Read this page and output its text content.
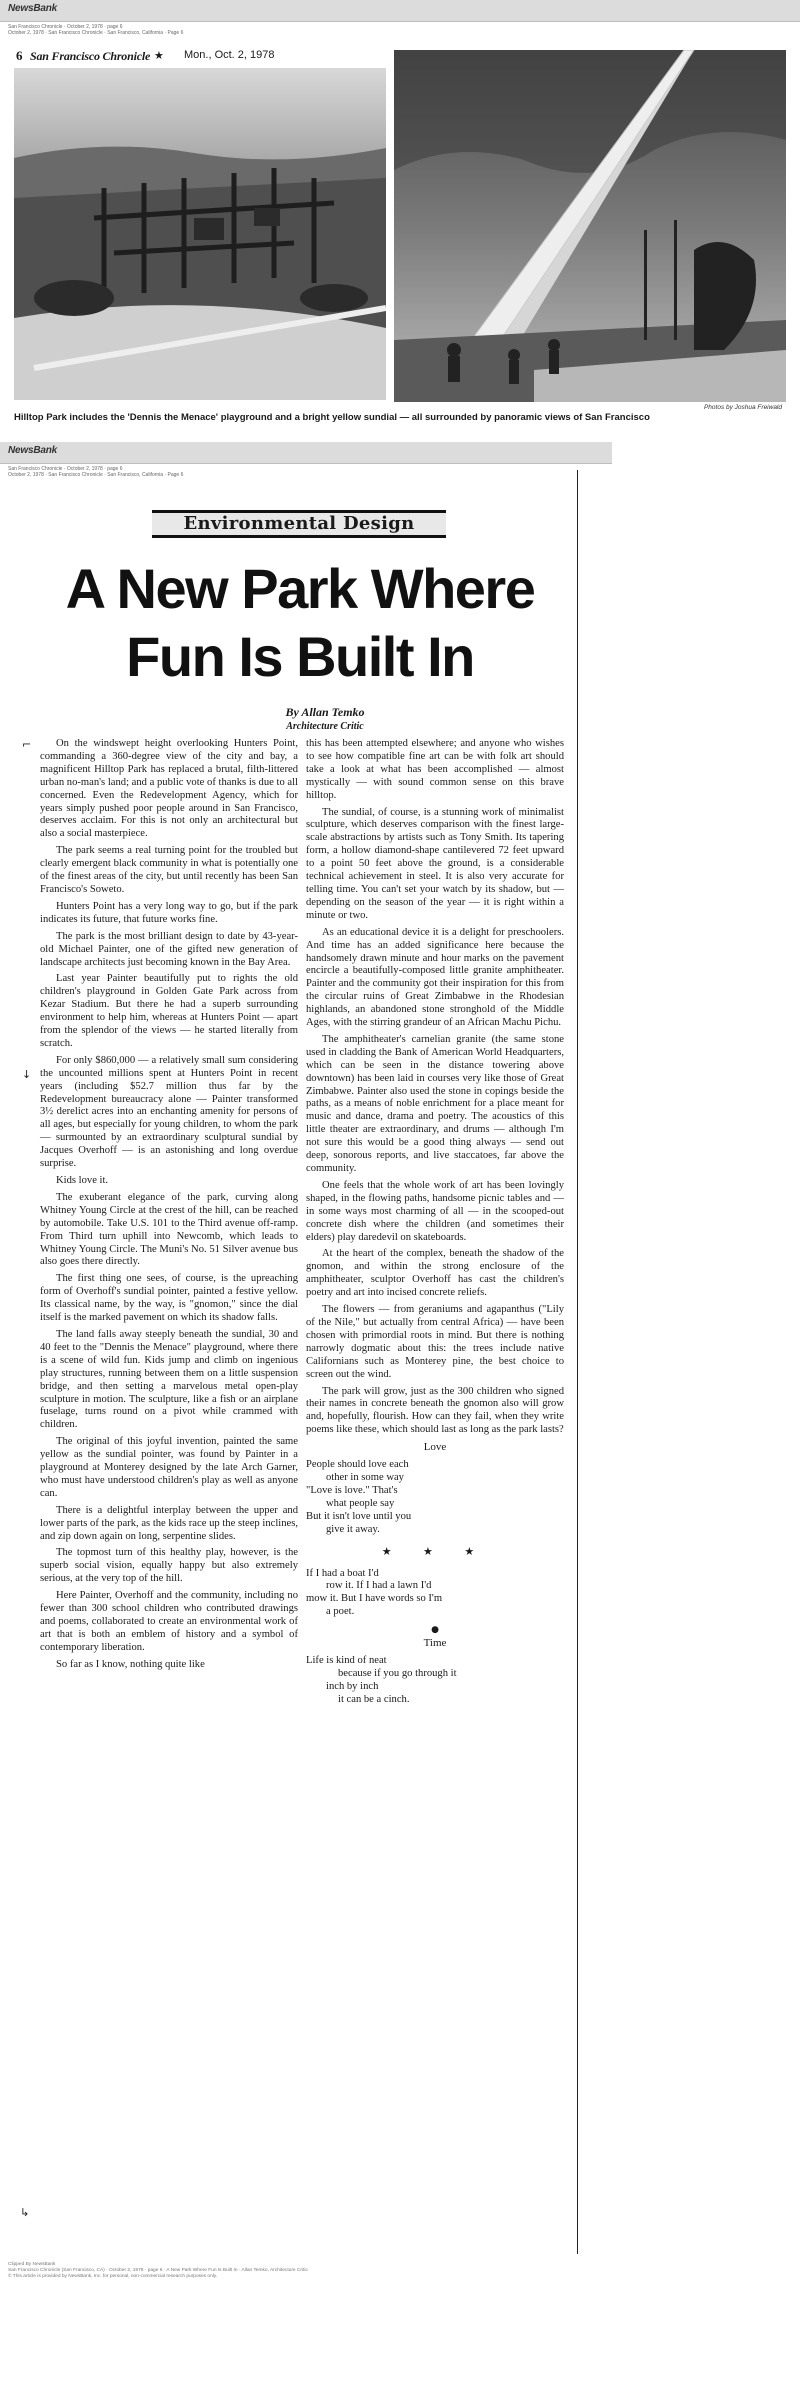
NewsBank
San Francisco Chronicle · October 2, 1978 · page 6
October 2, 1978 · San Francisco Chronicle · San Francisco, California · Page 6
6 San Francisco Chronicle ★ Mon., Oct. 2, 1978
Photos by Joshua Freiwald
Hilltop Park includes the 'Dennis the Menace' playground and a bright yellow sundial — all surrounded by panoramic views of San Francisco
NewsBank
San Francisco Chronicle · October 2, 1978 · page 6
October 2, 1978 · San Francisco Chronicle · San Francisco, California · Page 6
Environmental Design
A New Park Where Fun Is Built In
By Allan Temko
Architecture Critic
⌐
↓
↳

On the windswept height overlooking Hunters Point, commanding a 360-degree view of the city and bay, a magnificent Hilltop Park has replaced a brutal, filth-littered urban no-man's land; and a public vote of thanks is due to all concerned. Even the Redevelopment Agency, which for years simply pushed poor people around in San Francisco, deserves acclaim. For this is not only an architectural but also a social masterpiece.

The park seems a real turning point for the troubled but clearly emergent black community in what is potentially one of the finest areas of the city, but until recently has been San Francisco's Soweto.

Hunters Point has a very long way to go, but if the park indicates its future, that future works fine.

The park is the most brilliant design to date by 43-year-old Michael Painter, one of the gifted new generation of landscape architects just becoming known in the Bay Area.

Last year Painter beautifully put to rights the old children's playground in Golden Gate Park across from Kezar Stadium. But there he had a superb surrounding environment to help him, whereas at Hunters Point — apart from the splendor of the views — he started literally from scratch.

For only $860,000 — a relatively small sum considering the uncounted millions spent at Hunters Point in recent years (including $52.7 million thus far by the Redevelopment bureaucracy alone — Painter transformed 3½ derelict acres into an enchanting amenity for persons of all ages, but especially for young children, to whom the park — surmounted by an extraordinary sculptural sundial by Jacques Overhoff — is an astonishing and long overdue surprise.

Kids love it.

The exuberant elegance of the park, curving along Whitney Young Circle at the crest of the hill, can be reached by automobile. Take U.S. 101 to the Third avenue off-ramp. From Third turn uphill into Newcomb, which leads to Whitney Young Circle. The Muni's No. 51 Silver avenue bus also goes there directly.

The first thing one sees, of course, is the upreaching form of Overhoff's sundial pointer, painted a festive yellow. Its classical name, by the way, is "gnomon," since the dial itself is the marked pavement on which its shadow falls.

The land falls away steeply beneath the sundial, 30 and 40 feet to the "Dennis the Menace" playground, where there is a scene of wild fun. Kids jump and climb on ingenious play structures, running between them on a little suspension bridge, and then setting a marvelous metal open-play sculpture in motion. The sculpture, like a fish or an airplane fuselage, turns round on a pivot while crammed with children.

The original of this joyful invention, painted the same yellow as the sundial pointer, was found by Painter in a playground at Monterey designed by the late Arch Garner, who must have understood children's play as well as anyone can.

There is a delightful interplay between the upper and lower parts of the park, as the kids race up the steep inclines, and zip down again on long, serpentine slides.

The topmost turn of this healthy play, however, is the superb social vision, equally happy but also extremely serious, at the very top of the hill.

Here Painter, Overhoff and the community, including no fewer than 300 school children who contributed drawings and poems, collaborated to create an environmental work of art that is both an emblem of history and a symbol of contemporary liberation.

So far as I know, nothing quite like

this has been attempted elsewhere; and anyone who wishes to see how compatible fine art can be with folk art should take a look at what has been accomplished — almost mystically — with sound common sense on this brave hilltop.

The sundial, of course, is a stunning work of minimalist sculpture, which deserves comparison with the finest large-scale abstractions by artists such as Tony Smith. Its tapering form, a hollow diamond-shape cantilevered 72 feet upward to a point 50 feet above the ground, is a considerable technical achievement in steel. It is also very accurate for telling time. You can't set your watch by its shadow, but — depending on the season of the year — it is right within a minute or two.

As an educational device it is a delight for preschoolers. And time has an added significance here because the handsomely drawn minute and hour marks on the pavement encircle a beautifully-composed little granite amphitheater. Painter and the community got their inspiration for this from the circular ruins of Great Zimbabwe in the Rhodesian highlands, an abandoned stone stronghold of the Middle Ages, with the stirring grandeur of an African Machu Pichu.

The amphitheater's carnelian granite (the same stone used in cladding the Bank of American World Headquarters, which can be seen in the distance towering above downtown) has been laid in courses very like those of Great Zimbabwe. Painter also used the stone in copings beside the paths, as a means of noble enrichment for a place meant for music and dance, drama and poetry. The acoustics of this little theater are extraordinary, and drums — although I'm not sure this would be a good thing always — send out deep, sonorous reports, and live staccatoes, far above the community.

One feels that the whole work of art has been lovingly shaped, in the flowing paths, handsome picnic tables and — in some ways most charming of all — in the scooped-out concrete dish where the children (and sometimes their elders) play daredevil on skateboards.

At the heart of the complex, beneath the shadow of the gnomon, and within the strong enclosure of the amphitheater, sculptor Overhoff has cast the children's poetry and art into incised concrete reliefs.

The flowers — from geraniums and agapanthus ("Lily of the Nile," but actually from central Africa) — have been chosen with primordial roots in mind. But there is nothing narrowly dogmatic about this: the trees include native Californians such as Monterey pine, the best choice to screen out the wind.

The park will grow, just as the 300 children who signed their names in concrete beneath the gnomon also will grow and, hopefully, flourish. How can they fail, when they write poems like these, which should last as long as the park lasts?

Love
People should love each
other in some way
"Love is love." That's
what people say
But it isn't love until you
give it away.
★ ★ ★
If I had a boat I'd
row it. If I had a lawn I'd
mow it. But I have words so I'm
a poet.
●
Time
Life is kind of neat
because if you go through it
inch by inch
it can be a cinch.
Clipped By NewsBank
San Francisco Chronicle (San Francisco, CA) · October 2, 1978 · page 6 · A New Park Where Fun Is Built In · Allan Temko, Architecture Critic
© This article is provided by NewsBank, Inc. for personal, non-commercial research purposes only.
